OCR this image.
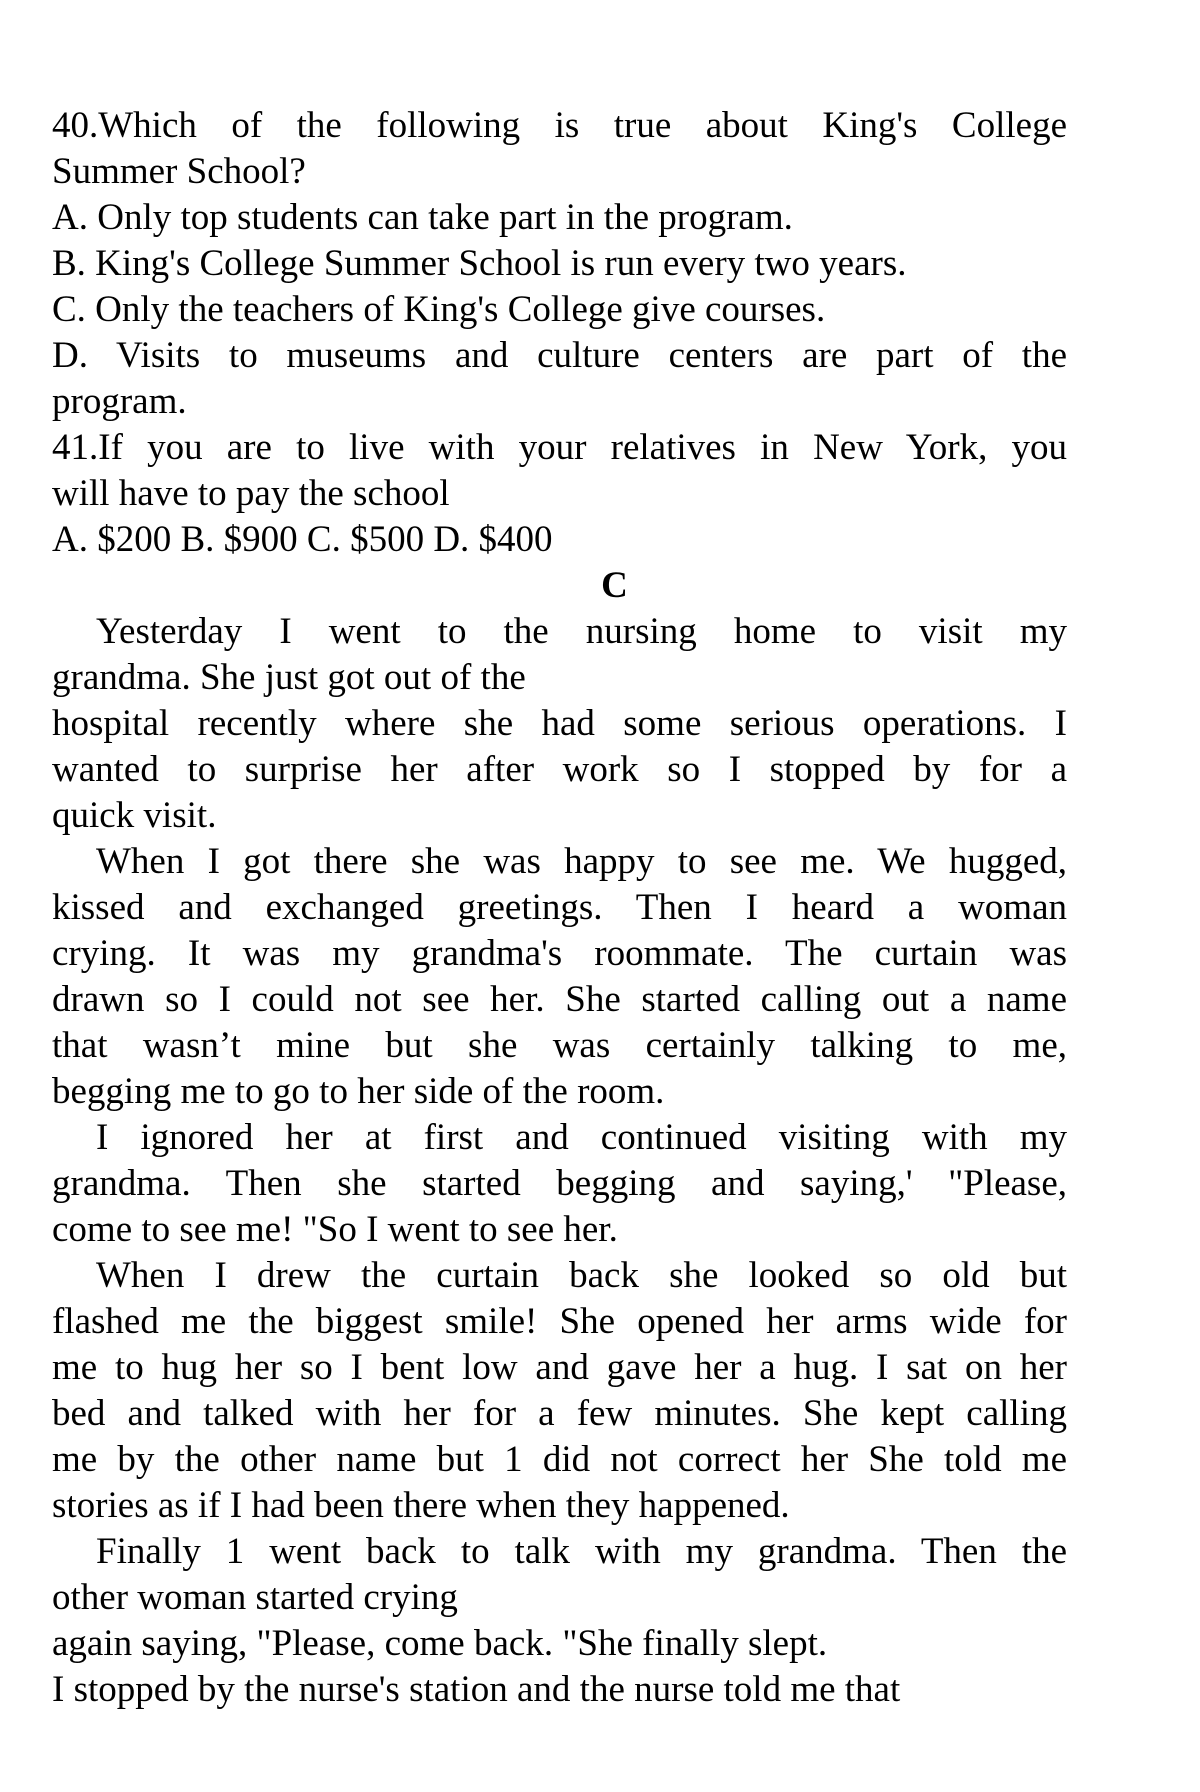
40.Which of the following is true about King's College
Summer School?
A. Only top students can take part in the program.
B. King's College Summer School is run every two years.
C. Only the teachers of King's College give courses.
D. Visits to museums and culture centers are part of the
program.
41.If you are to live with your relatives in New York, you
will have to pay the school
A. $200 B. $900 C. $500 D. $400
C
Yesterday I went to the nursing home to visit my
grandma. She just got out of the
hospital recently where she had some serious operations. I
wanted to surprise her after work so I stopped by for a
quick visit.
When I got there she was happy to see me. We hugged,
kissed and exchanged greetings. Then I heard a woman
crying. It was my grandma's roommate. The curtain was
drawn so I could not see her. She started calling out a name
that wasn’t mine but she was certainly talking to me,
begging me to go to her side of the room.
I ignored her at first and continued visiting with my
grandma. Then she started begging and saying,' "Please,
come to see me! "So I went to see her.
When I drew the curtain back she looked so old but
flashed me the biggest smile! She opened her arms wide for
me to hug her so I bent low and gave her a hug. I sat on her
bed and talked with her for a few minutes. She kept calling
me by the other name but 1 did not correct her She told me
stories as if I had been there when they happened.
Finally 1 went back to talk with my grandma. Then the
other woman started crying
again saying, "Please, come back. "She finally slept.
I stopped by the nurse's station and the nurse told me that
